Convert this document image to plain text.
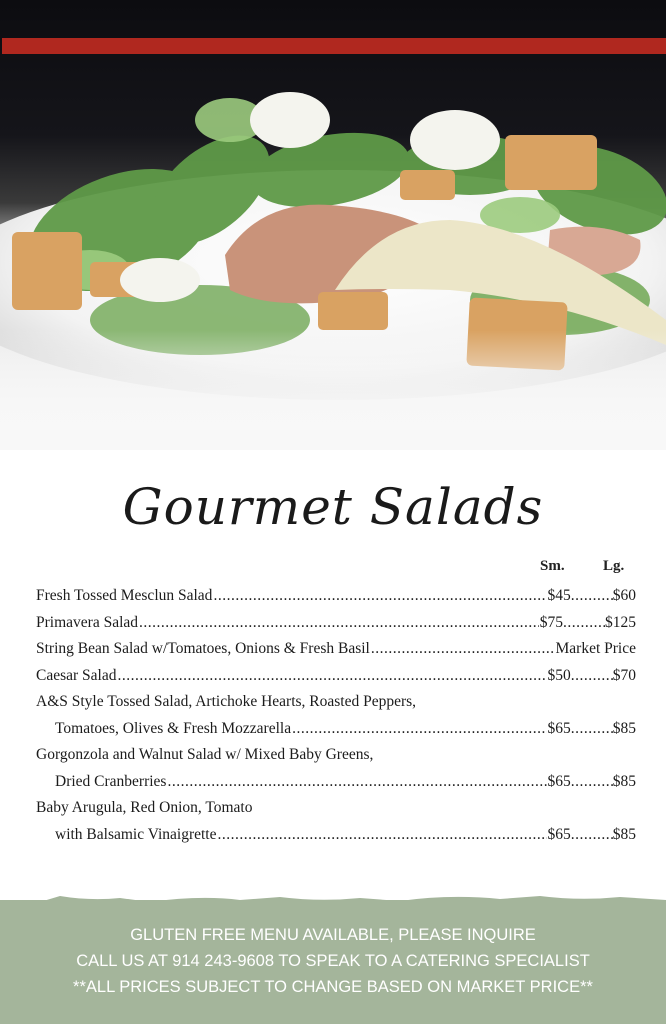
Gourmet Salads
Sm.	Lg.
Fresh Tossed Mesclun Salad .....	$45 .....	$60
Primavera Salad .....	$75 .....	$125
String Bean Salad w/Tomatoes, Onions & Fresh Basil .....	Market Price
Caesar Salad .....	$50 .....	$70
A&S Style Tossed Salad, Artichoke Hearts, Roasted Peppers,
Tomatoes, Olives & Fresh Mozzarella .....	$65 .....	$85
Gorgonzola and Walnut Salad w/ Mixed Baby Greens,
Dried Cranberries .....	$65 .....	$85
Baby Arugula, Red Onion, Tomato
with Balsamic Vinaigrette .....	$65 .....	$85
GLUTEN FREE MENU AVAILABLE, PLEASE INQUIRE
CALL US AT 914 243-9608 TO SPEAK TO A CATERING SPECIALIST
**ALL PRICES SUBJECT TO CHANGE BASED ON MARKET PRICE**
